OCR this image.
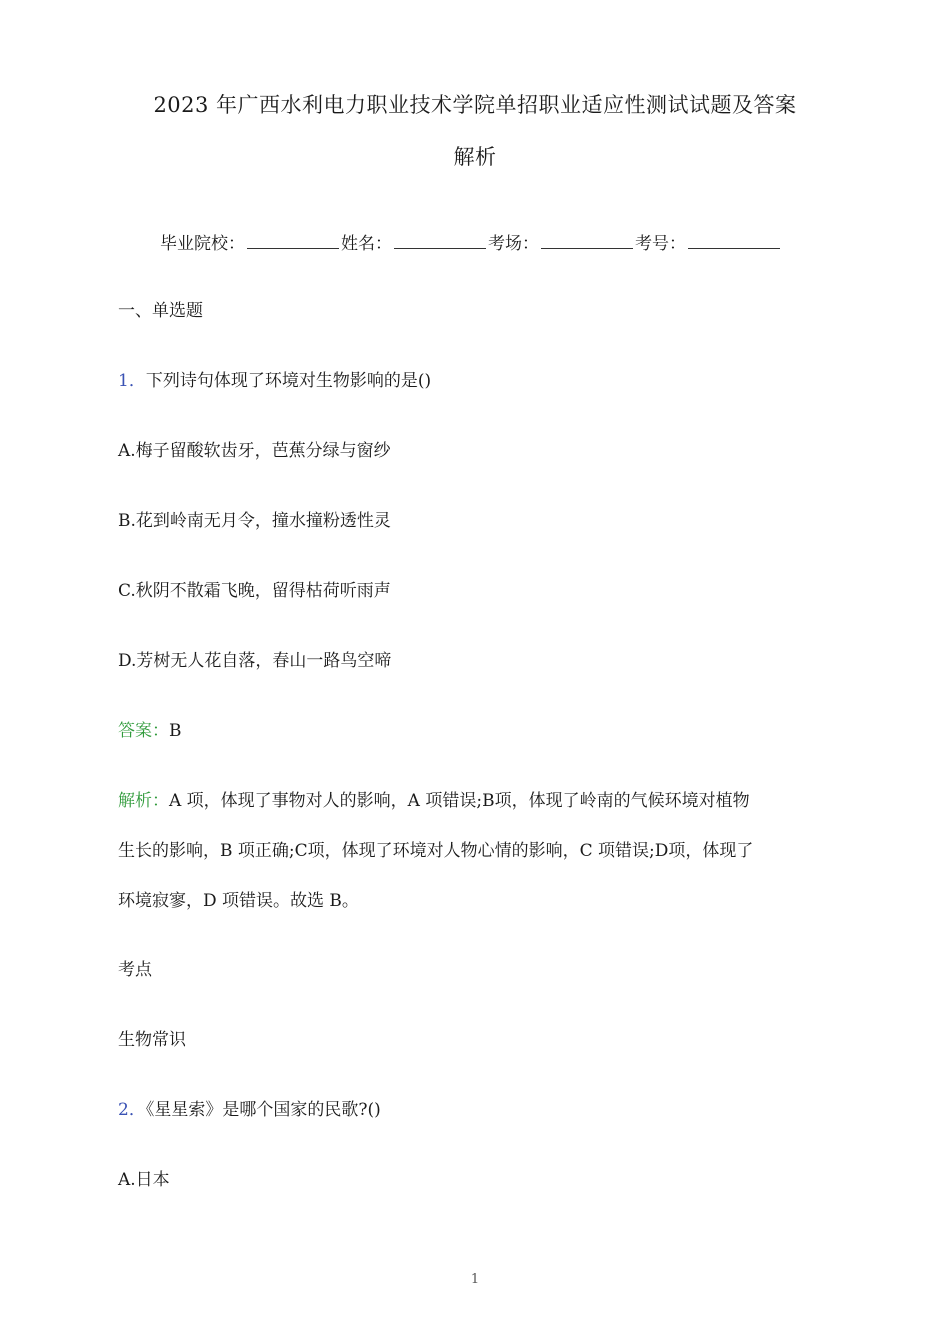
2023 年广西水利电力职业技术学院单招职业适应性测试试题及答案
解析
毕业院校：	姓名：	考场：	考号：
一、单选题
1．下列诗句体现了环境对生物影响的是()
A.梅子留酸软齿牙，芭蕉分绿与窗纱
B.花到岭南无月令，撞水撞粉透性灵
C.秋阴不散霜飞晚，留得枯荷听雨声
D.芳树无人花自落，春山一路鸟空啼
答案：B

解析：A 项，体现了事物对人的影响，A 项错误;B项，体现了岭南的气候环境对植物

生长的影响，B 项正确;C项，体现了环境对人物心情的影响，C 项错误;D项，体现了

环境寂寥，D 项错误。故选 B。

考点
生物常识
2．《星星索》是哪个国家的民歌?()
A.日本
1
